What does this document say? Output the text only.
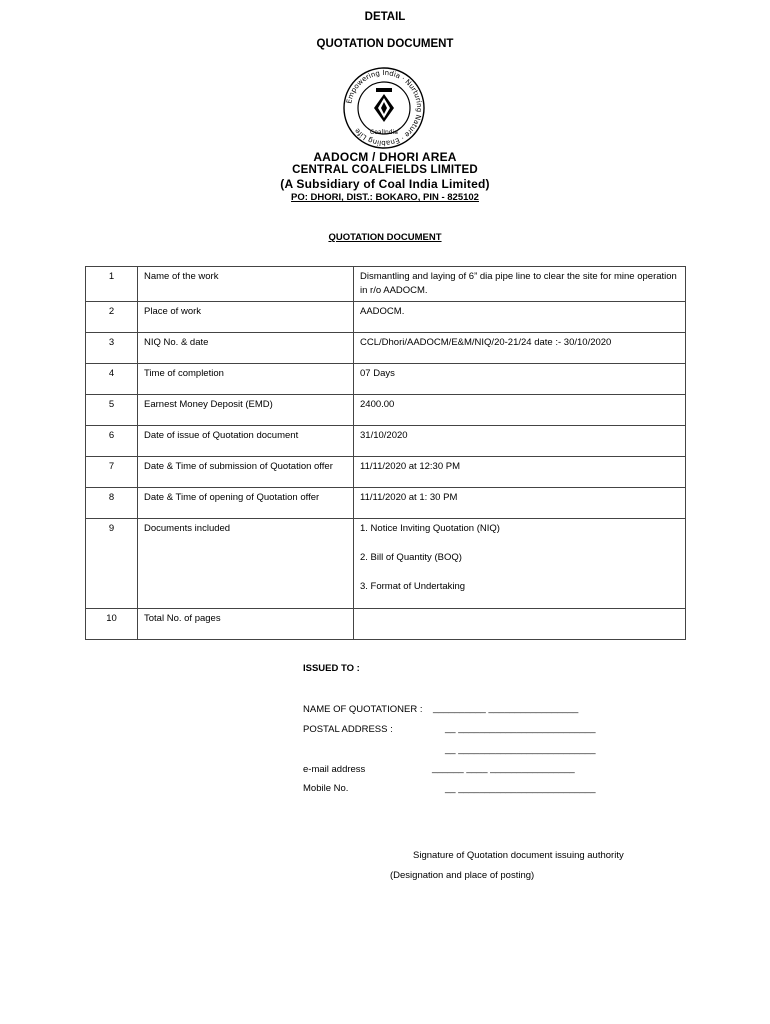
DETAIL
QUOTATION DOCUMENT
Empowering India · Nurturing Nature · Enabling Life	CoalIndia
AADOCM / DHORI AREA
CENTRAL COALFIELDS LIMITED
(A Subsidiary of Coal India Limited)
PO: DHORI, DIST.: BOKARO, PIN - 825102
QUOTATION DOCUMENT
1	Name of the work	Dismantling and laying of 6” dia pipe line to clear the site for mine operation in r/o AADOCM.
2	Place of work	AADOCM.
3	NIQ No. & date	CCL/Dhori/AADOCM/E&M/NIQ/20-21/24 date :- 30/10/2020
4	Time of completion	07 Days
5	Earnest Money Deposit (EMD)	2400.00
6	Date of issue of Quotation document	31/10/2020
7	Date & Time of submission of Quotation offer	11/11/2020 at 12:30 PM
8	Date & Time of opening of Quotation offer	11/11/2020 at 1: 30 PM
9	Documents included	1. Notice Inviting Quotation (NIQ)
2. Bill of Quantity (BOQ)
3. Format of Undertaking

10	Total No. of pages	
ISSUED TO :
NAME OF QUOTATIONER : __________ _________________
POSTAL ADDRESS :	__ __________________________
__ __________________________
e-mail address	______ ____ ________________
Mobile No.	__ __________________________
Signature of Quotation document issuing authority
(Designation and place of posting)
